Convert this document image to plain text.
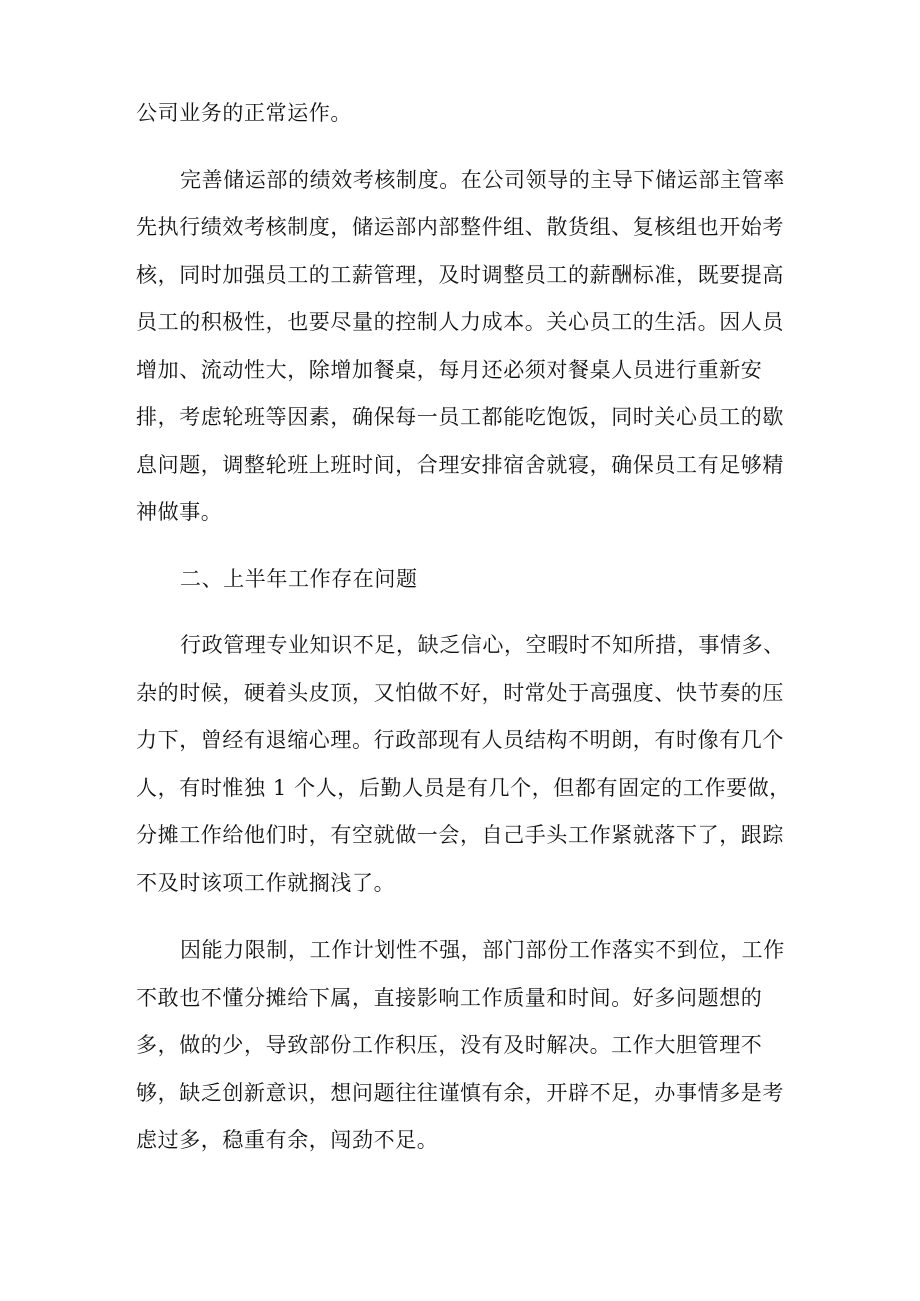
公司业务的正常运作。

完善储运部的绩效考核制度。在公司领导的主导下储运部主管率

先执行绩效考核制度，储运部内部整件组、散货组、复核组也开始考

核，同时加强员工的工薪管理，及时调整员工的薪酬标准，既要提高

员工的积极性，也要尽量的控制人力成本。关心员工的生活。因人员

增加、流动性大，除增加餐桌，每月还必须对餐桌人员进行重新安

排，考虑轮班等因素，确保每一员工都能吃饱饭，同时关心员工的歇

息问题，调整轮班上班时间，合理安排宿舍就寝，确保员工有足够精

神做事。

二、上半年工作存在问题

行政管理专业知识不足，缺乏信心，空暇时不知所措，事情多、

杂的时候，硬着头皮顶，又怕做不好，时常处于高强度、快节奏的压

力下，曾经有退缩心理。行政部现有人员结构不明朗，有时像有几个

人，有时惟独 1 个人，后勤人员是有几个，但都有固定的工作要做，

分摊工作给他们时，有空就做一会，自己手头工作紧就落下了，跟踪

不及时该项工作就搁浅了。

因能力限制，工作计划性不强，部门部份工作落实不到位，工作

不敢也不懂分摊给下属，直接影响工作质量和时间。好多问题想的

多，做的少，导致部份工作积压，没有及时解决。工作大胆管理不

够，缺乏创新意识，想问题往往谨慎有余，开辟不足，办事情多是考

虑过多，稳重有余，闯劲不足。
